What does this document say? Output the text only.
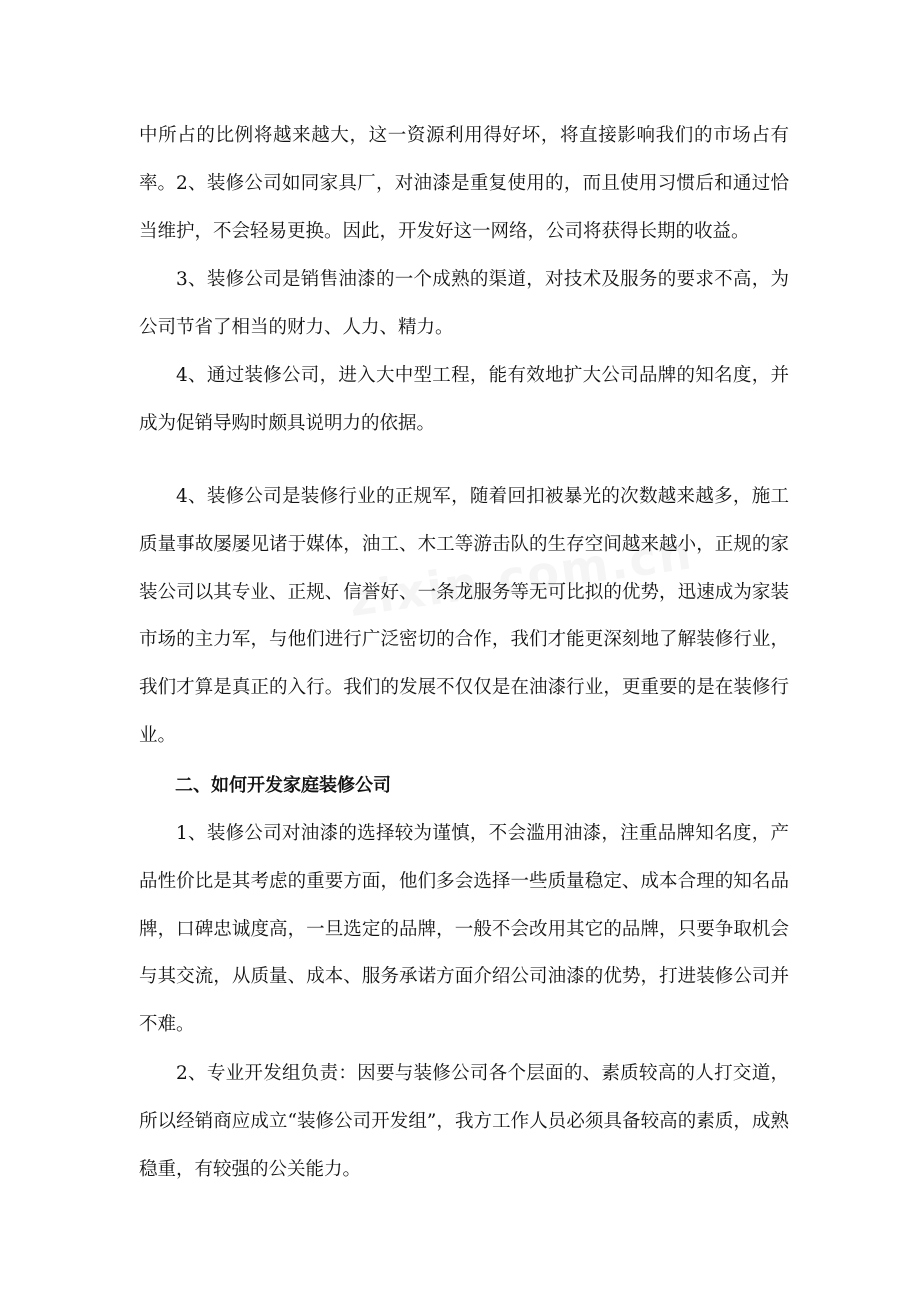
中所占的比例将越来越大，这一资源利用得好坏，将直接影响我们的市场占有率。 2、装修公司如同家具厂，对油漆是重复使用的，而且使用习惯后和通过恰当维护，不会轻易更换。因此，开发好这一网络，公司将获得长期的收益。

3、装修公司是销售油漆的一个成熟的渠道，对技术及服务的要求不高，为公司节省了相当的财力、人力、精力。

4、通过装修公司，进入大中型工程，能有效地扩大公司品牌的知名度，并成为促销导购时颇具说明力的依据。

4、装修公司是装修行业的正规军，随着回扣被暴光的次数越来越多，施工质量事故屡屡见诸于媒体，油工、木工等游击队的生存空间越来越小，正规的家装公司以其专业、正规、信誉好、一条龙服务等无可比拟的优势，迅速成为家装市场的主力军，与他们进行广泛密切的合作，我们才能更深刻地了解装修行业，我们才算是真正的入行。我们的发展不仅仅是在油漆行业，更重要的是在装修行业。

二、如何开发家庭装修公司

1、装修公司对油漆的选择较为谨慎，不会滥用油漆，注重品牌知名度，产品性价比是其考虑的重要方面，他们多会选择一些质量稳定、成本合理的知名品牌，口碑忠诚度高，一旦选定的品牌，一般不会改用其它的品牌，只要争取机会与其交流，从质量、成本、服务承诺方面介绍公司油漆的优势，打进装修公司并不难。

2、专业开发组负责：因要与装修公司各个层面的、素质较高的人打交道，所以经销商应成立“装修公司开发组”，我方工作人员必须具备较高的素质，成熟稳重，有较强的公关能力。
